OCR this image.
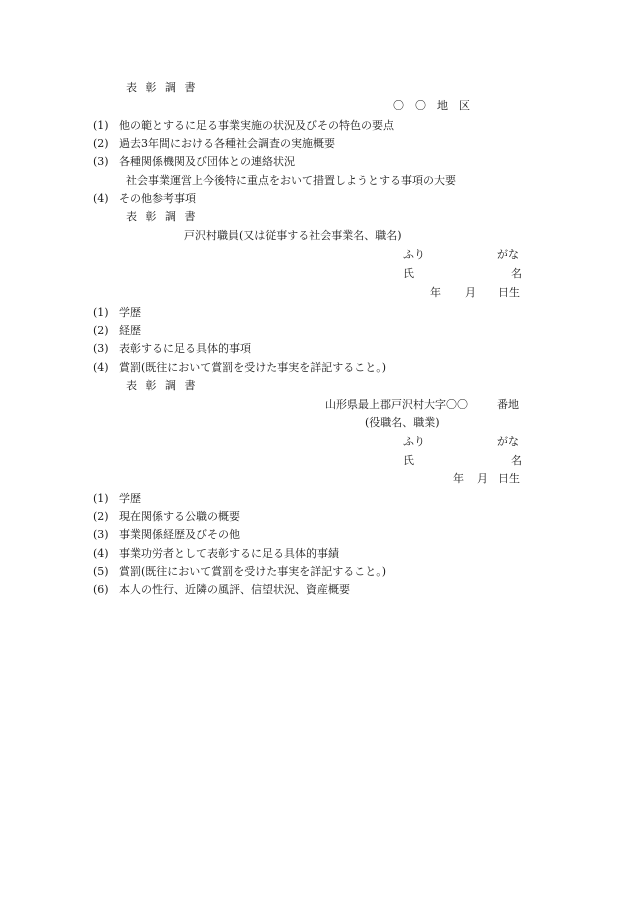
表彰調書
〇　〇　地　区
(1) 他の範とするに足る事業実施の状況及びその特色の要点
(2) 過去3年間における各種社会調査の実施概要
(3) 各種関係機関及び団体との連絡状況
社会事業運営上今後特に重点をおいて措置しようとする事項の大要
(4) その他参考事項
表彰調書
戸沢村職員(又は従事する社会事業名、職名)
ふり	がな
氏	名
年 月 日生
(1) 学歴
(2) 経歴
(3) 表彰するに足る具体的事項
(4) 賞罰(既往において賞罰を受けた事実を詳記すること。)
表彰調書
山形県最上郡戸沢村大字〇〇	番地
(役職名、職業)
ふり	がな
氏	名
年 月 日生
(1) 学歴
(2) 現在関係する公職の概要
(3) 事業関係経歴及びその他
(4) 事業功労者として表彰するに足る具体的事績
(5) 賞罰(既往において賞罰を受けた事実を詳記すること。)
(6) 本人の性行、近隣の風評、信望状況、資産概要
